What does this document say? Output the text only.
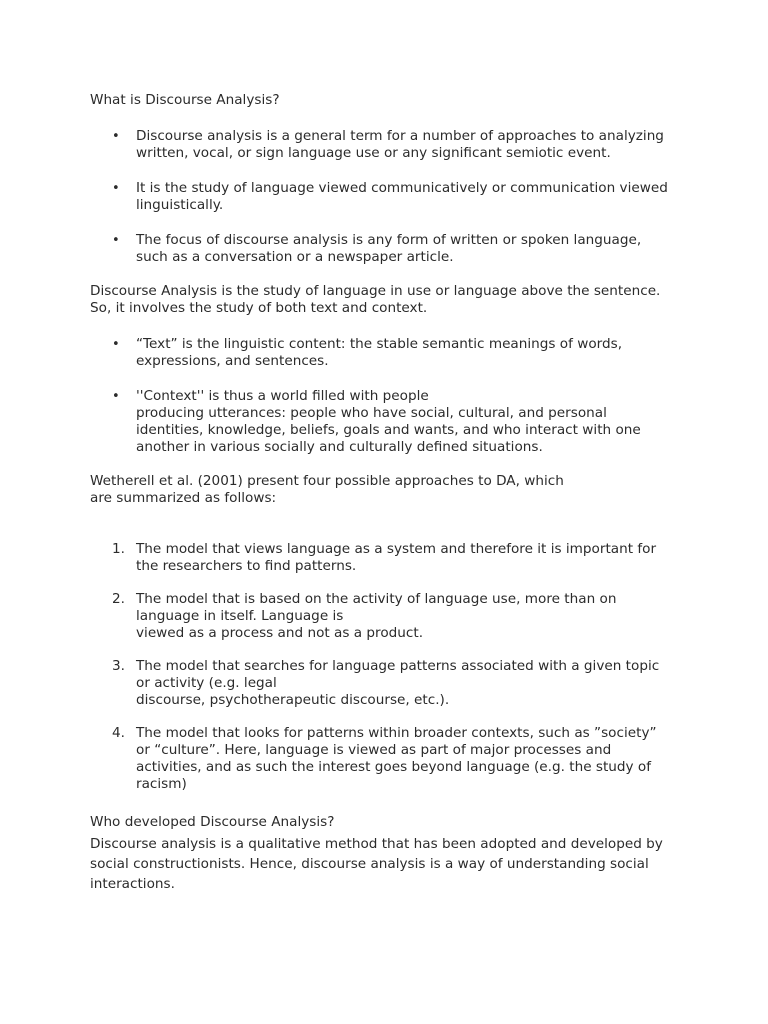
What is Discourse Analysis?

• Discourse analysis is a general term for a number of approaches to analyzing
written, vocal, or sign language use or any significant semiotic event.
• It is the study of language viewed communicatively or communication viewed
linguistically.
• The focus of discourse analysis is any form of written or spoken language,
such as a conversation or a newspaper article.

Discourse Analysis is the study of language in use or language above the sentence.
So, it involves the study of both text and context.

• “Text” is the linguistic content: the stable semantic meanings of words,
expressions, and sentences.
• ''Context'' is thus a world filled with people
producing utterances: people who have social, cultural, and personal
identities, knowledge, beliefs, goals and wants, and who interact with one
another in various socially and culturally defined situations.

Wetherell et al. (2001) present four possible approaches to DA, which
are summarized as follows:

1. The model that views language as a system and therefore it is important for
the researchers to find patterns.
2. The model that is based on the activity of language use, more than on
language in itself. Language is
viewed as a process and not as a product.
3. The model that searches for language patterns associated with a given topic
or activity (e.g. legal
discourse, psychotherapeutic discourse, etc.).
4. The model that looks for patterns within broader contexts, such as ”society”
or “culture”. Here, language is viewed as part of major processes and
activities, and as such the interest goes beyond language (e.g. the study of
racism)

Who developed Discourse Analysis?

Discourse analysis is a qualitative method that has been adopted and developed by
social constructionists. Hence, discourse analysis is a way of understanding social
interactions.
